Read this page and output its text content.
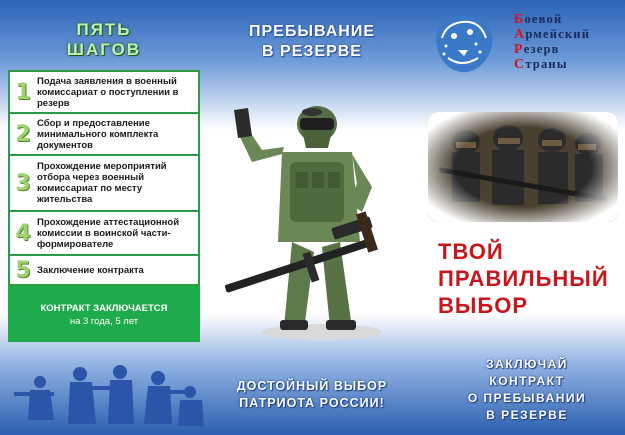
ПЯТЬ
ШАГОВ
1 Подача заявления в военный комиссариат о поступлении в резерв
2 Сбор и предоставление минимального комплекта документов
3
Прохождение мероприятий отбора через военный комиссариат по месту жительства
4 Прохождение аттестационной комиссии в воинской части-формирователе
5 Заключение контракта
КОНТРАКТ ЗАКЛЮЧАЕТСЯ
на 3 года, 5 лет
ПРЕБЫВАНИЕ
В РЕЗЕРВЕ
Боевой
Армейский
Резерв
Страны
ТВОЙ
ПРАВИЛЬНЫЙ
ВЫБОР
ДОСТОЙНЫЙ ВЫБОР
ПАТРИОТА РОССИИ!
ЗАКЛЮЧАЙ
КОНТРАКТ
О ПРЕБЫВАНИИ
В РЕЗЕРВЕ
